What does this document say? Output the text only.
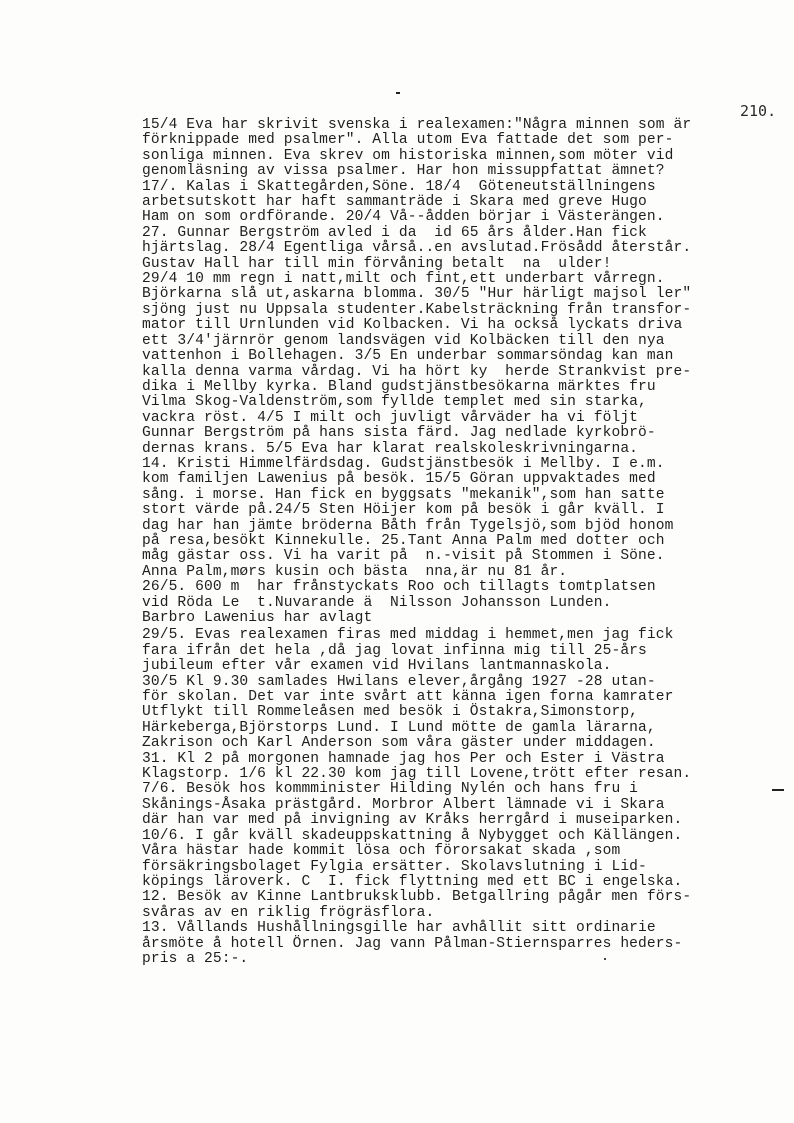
210.
15/4 Eva har skrivit svenska i realexamen:"Några minnen som är
förknippade med psalmer". Alla utom Eva fattade det som per-
sonliga minnen. Eva skrev om historiska minnen,som möter vid
genomläsning av vissa psalmer. Har hon missuppfattat ämnet?
17/. Kalas i Skattegården,Söne. 18/4  Göteneutställningens
arbetsutskott har haft sammanträde i Skara med greve Hugo
Ham on som ordförande. 20/4 Vå--ådden börjar i Västerängen.
27. Gunnar Bergström avled i da  id 65 års ålder.Han fick
hjärtslag. 28/4 Egentliga vårså..en avslutad.Frösådd återstår.
Gustav Hall har till min förvåning betalt  na  ulder!
29/4 10 mm regn i natt,milt och fint,ett underbart vårregn.
Björkarna slå ut,askarna blomma. 30/5 "Hur härligt majsol ler"
sjöng just nu Uppsala studenter.Kabelsträckning från transfor-
mator till Urnlunden vid Kolbacken. Vi ha också lyckats driva
ett 3/4'järnrör genom landsvägen vid Kolbäcken till den nya
vattenhon i Bollehagen. 3/5 En underbar sommarsöndag kan man
kalla denna varma vårdag. Vi ha hört ky  herde Strankvist pre-
dika i Mellby kyrka. Bland gudstjänstbesökarna märktes fru
Vilma Skog-Valdenström,som fyllde templet med sin starka,
vackra röst. 4/5 I milt och juvligt vårväder ha vi följt
Gunnar Bergström på hans sista färd. Jag nedlade kyrkobrö-
dernas krans. 5/5 Eva har klarat realskoleskrivningarna.
14. Kristi Himmelfärdsdag. Gudstjänstbesök i Mellby. I e.m.
kom familjen Lawenius på besök. 15/5 Göran uppvaktades med
sång. i morse. Han fick en byggsats "mekanik",som han satte
stort värde på.24/5 Sten Höijer kom på besök i går kväll. I
dag har han jämte bröderna Båth från Tygelsjö,som bjöd honom
på resa,besökt Kinnekulle. 25.Tant Anna Palm med dotter och
måg gästar oss. Vi ha varit på  n.-visit på Stommen i Söne.
Anna Palm,mørs kusin och bästa  nna,är nu 81 år.
26/5. 600 m  har frånstyckats Roo och tillagts tomtplatsen
vid Röda Le  t.Nuvarande ä  Nilsson Johansson Lunden.
Barbro Lawenius har avlagt
29/5. Evas realexamen firas med middag i hemmet,men jag fick
fara ifrån det hela ,då jag lovat infinna mig till 25-års
jubileum efter vår examen vid Hvilans lantmannaskola.
30/5 Kl 9.30 samlades Hwilans elever,årgång 1927 -28 utan-
för skolan. Det var inte svårt att känna igen forna kamrater
Utflykt till Rommeleåsen med besök i Östakra,Simonstorp,
Härkeberga,Björstorps Lund. I Lund mötte de gamla lärarna,
Zakrison och Karl Anderson som våra gäster under middagen.
31. Kl 2 på morgonen hamnade jag hos Per och Ester i Västra
Klagstorp. 1/6 kl 22.30 kom jag till Lovene,trött efter resan.
7/6. Besök hos kommminister Hilding Nylén och hans fru i
Skånings-Åsaka prästgård. Morbror Albert lämnade vi i Skara
där han var med på invigning av Kråks herrgård i museiparken.
10/6. I går kväll skadeuppskattning å Nybygget och Källängen.
Våra hästar hade kommit lösa och förorsakat skada ,som
försäkringsbolaget Fylgia ersätter. Skolavslutning i Lid-
köpings läroverk. C  I. fick flyttning med ett BC i engelska.
12. Besök av Kinne Lantbruksklubb. Betgallring pågår men förs-
svåras av en riklig frögräsflora.
13. Vållands Hushållningsgille har avhållit sitt ordinarie
årsmöte å hotell Örnen. Jag vann Pålman-Stiernsparres heders-
pris a 25:-.
